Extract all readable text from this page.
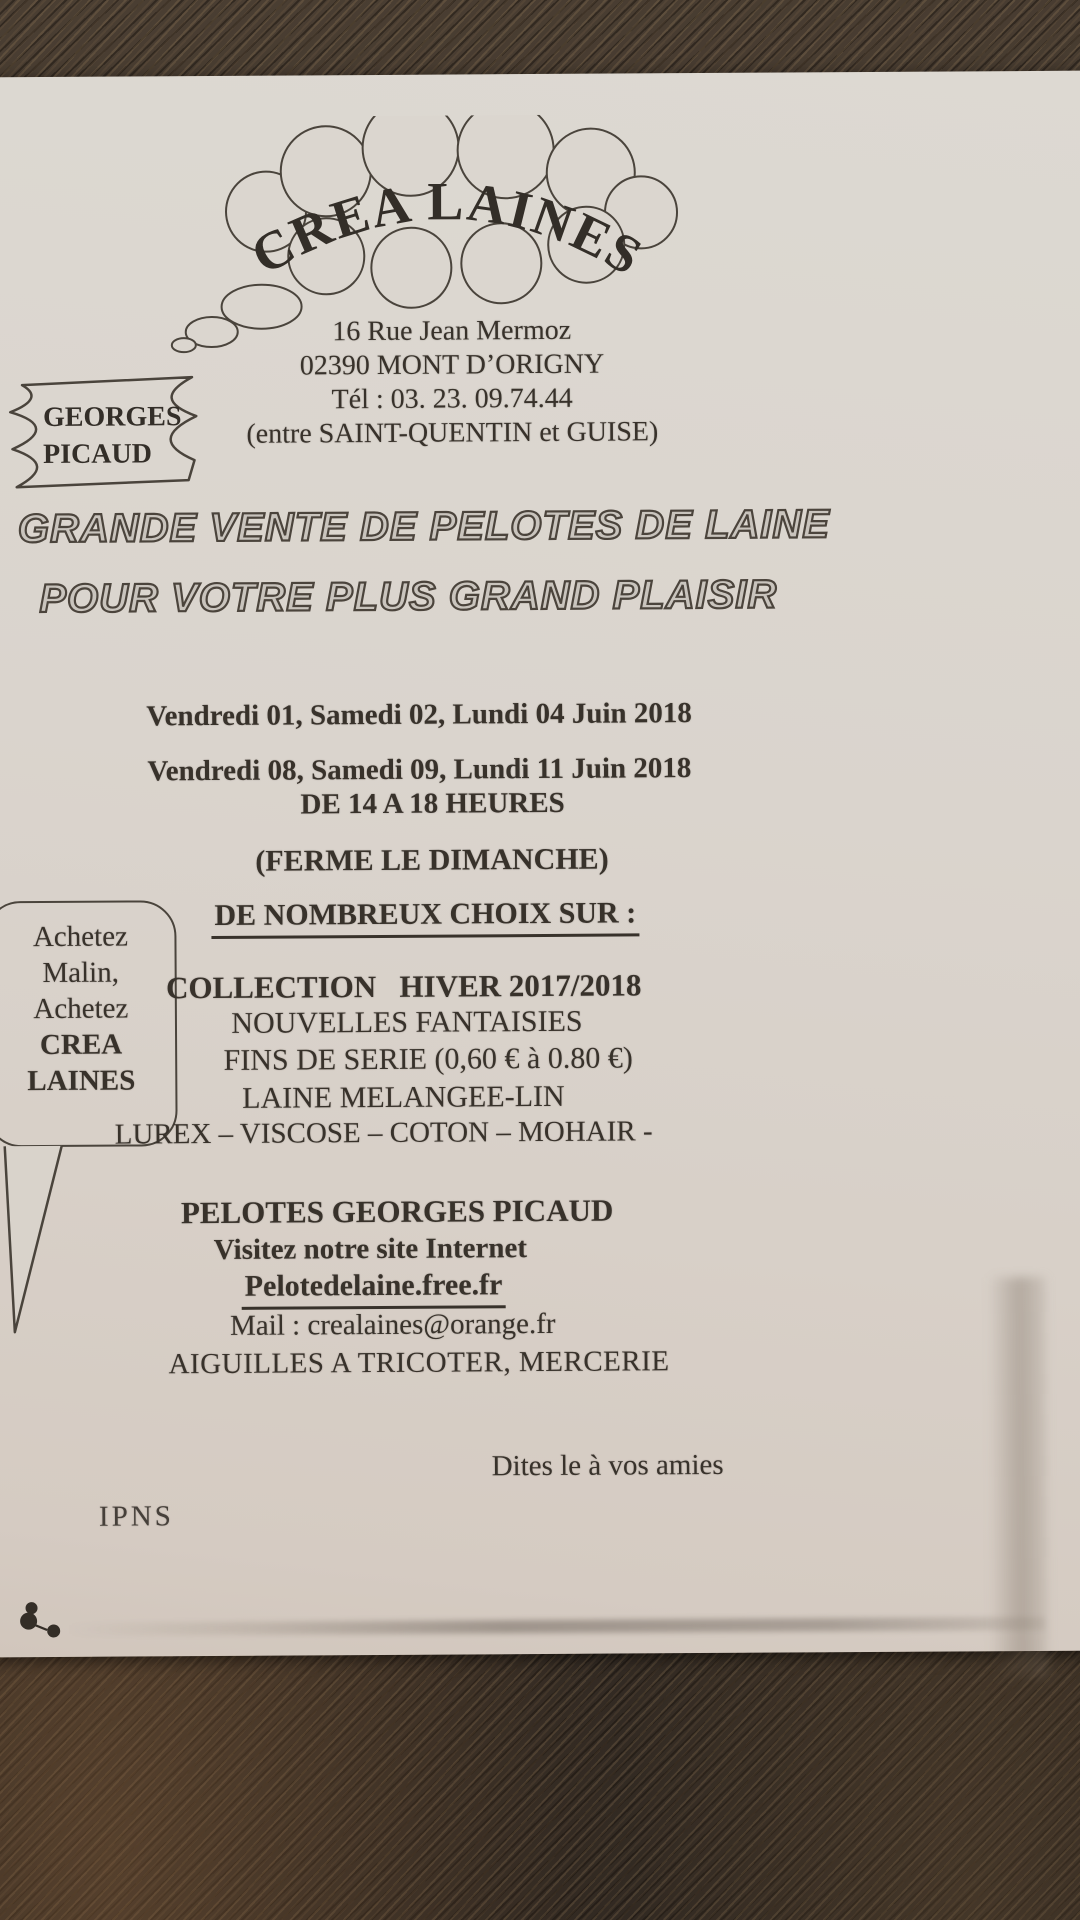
CREA LAINES
16 Rue Jean Mermoz
02390 MONT D’ORIGNY
Tél : 03. 23. 09.74.44
(entre SAINT-QUENTIN et GUISE)
GEORGES
PICAUD
GRANDE VENTE DE PELOTES DE LAINE
POUR VOTRE PLUS GRAND PLAISIR
Vendredi 01, Samedi 02, Lundi 04 Juin 2018
Vendredi 08, Samedi 09, Lundi 11 Juin 2018
DE 14 A 18 HEURES
(FERME LE DIMANCHE)
DE NOMBREUX CHOIX SUR :
Achetez
Malin,
Achetez
CREA
LAINES
COLLECTION   HIVER 2017/2018
NOUVELLES FANTAISIES
FINS DE SERIE (0,60 € à 0.80 €)
LAINE MELANGEE-LIN
LUREX – VISCOSE – COTON – MOHAIR -
PELOTES GEORGES PICAUD
Visitez notre site Internet
Pelotedelaine.free.fr
Mail : crealaines@orange.fr
AIGUILLES A TRICOTER, MERCERIE
Dites le à vos amies
IPNS
